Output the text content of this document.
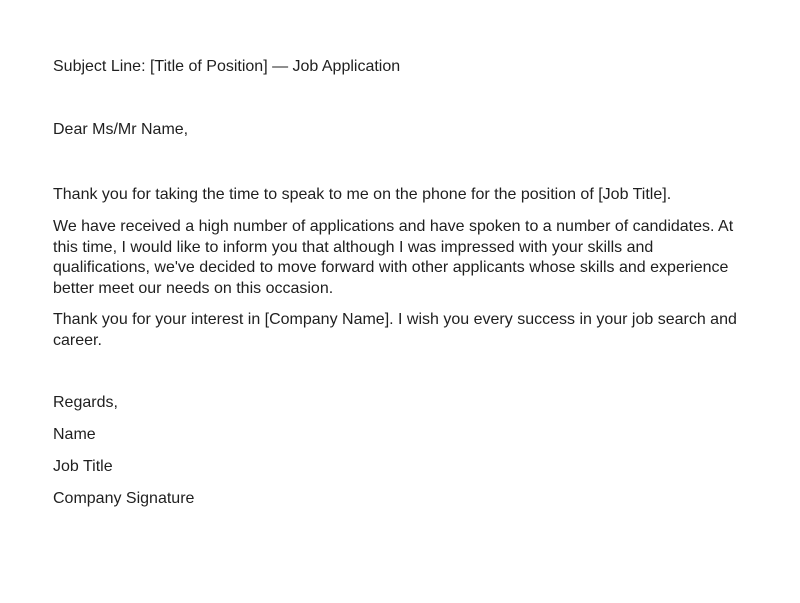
Subject Line: [Title of Position] — Job Application

Dear Ms/Mr Name,

Thank you for taking the time to speak to me on the phone for the position of [Job Title].

We have received a high number of applications and have spoken to a number of candidates. At this time, I would like to inform you that although I was impressed with your skills and qualifications, we've decided to move forward with other applicants whose skills and experience better meet our needs on this occasion.

Thank you for your interest in [Company Name]. I wish you every success in your job search and career.

Regards,

Name

Job Title

Company Signature
